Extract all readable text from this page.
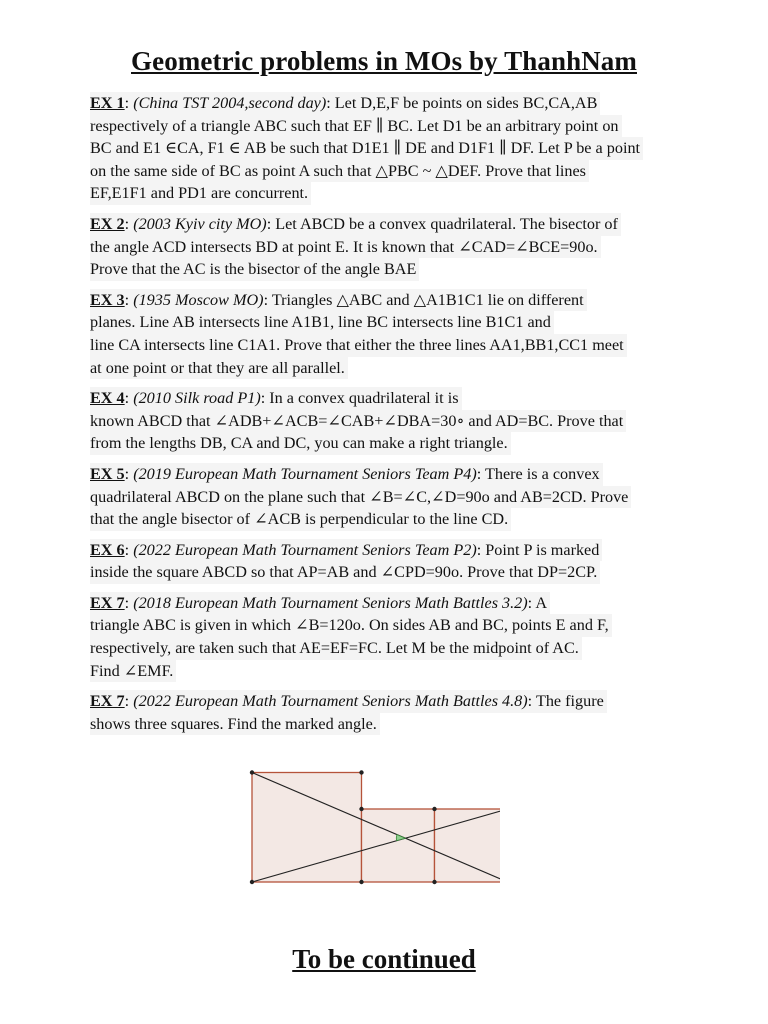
Geometric problems in MOs by ThanhNam
EX 1: (China TST 2004,second day): Let D,E,F be points on sides BC,CA,AB
respectively of a triangle ABC such that EF ∥ BC. Let D1 be an arbitrary point on
BC and E1 ∈CA, F1 ∈ AB be such that D1E1 ∥ DE and D1F1 ∥ DF. Let P be a point
on the same side of BC as point A such that △PBC ~ △DEF. Prove that lines
EF,E1F1 and PD1 are concurrent.
EX 2: (2003 Kyiv city MO): Let ABCD be a convex quadrilateral. The bisector of
the angle ACD intersects BD at point E. It is known that ∠CAD=∠BCE=90o.
Prove that the AC is the bisector of the angle BAE
EX 3: (1935 Moscow MO): Triangles △ABC and △A1B1C1 lie on different
planes. Line AB intersects line A1B1, line BC intersects line B1C1 and
line CA intersects line C1A1. Prove that either the three lines AA1,BB1,CC1 meet
at one point or that they are all parallel.
EX 4: (2010 Silk road P1): In a convex quadrilateral it is
known ABCD that ∠ADB+∠ACB=∠CAB+∠DBA=30∘ and AD=BC. Prove that
from the lengths DB, CA and DC, you can make a right triangle.
EX 5: (2019 European Math Tournament Seniors Team P4): There is a convex
quadrilateral ABCD on the plane such that ∠B=∠C,∠D=90o and AB=2CD. Prove
that the angle bisector of ∠ACB is perpendicular to the line CD.
EX 6: (2022 European Math Tournament Seniors Team P2): Point P is marked
inside the square ABCD so that AP=AB and ∠CPD=90o. Prove that DP=2CP.
EX 7: (2018 European Math Tournament Seniors Math Battles 3.2): A
triangle ABC is given in which ∠B=120o. On sides AB and BC, points E and F,
respectively, are taken such that AE=EF=FC. Let M be the midpoint of AC.
Find ∠EMF.
EX 7: (2022 European Math Tournament Seniors Math Battles 4.8): The figure
shows three squares. Find the marked angle.
To be continued
